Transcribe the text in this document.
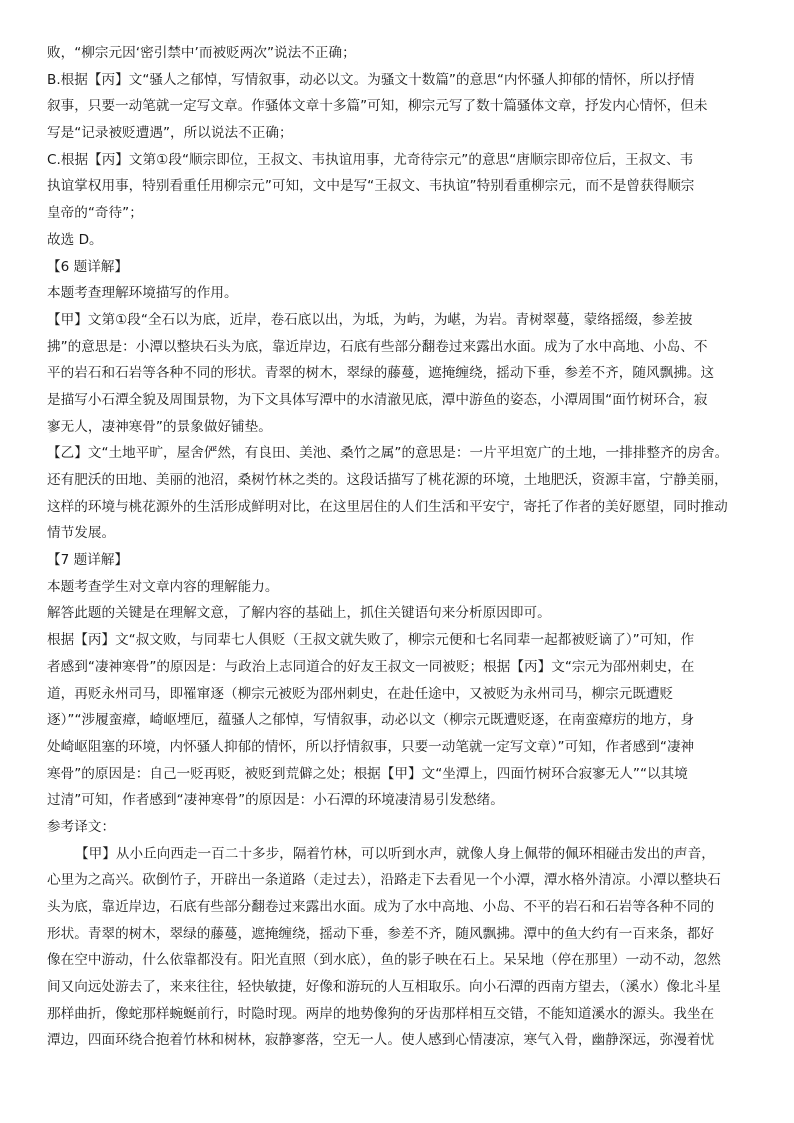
败，“柳宗元因‘密引禁中’而被贬两次”说法不正确；
B.根据【丙】文“骚人之郁悼，写情叙事，动必以文。为骚文十数篇”的意思“内怀骚人抑郁的情怀，所以抒情
叙事，只要一动笔就一定写文章。作骚体文章十多篇”可知，柳宗元写了数十篇骚体文章，抒发内心情怀，但未
写是“记录被贬遭遇”，所以说法不正确；
C.根据【丙】文第①段“顺宗即位，王叔文、韦执谊用事，尤奇待宗元”的意思“唐顺宗即帝位后，王叔文、韦
执谊掌权用事，特别看重任用柳宗元”可知，文中是写“王叔文、韦执谊”特别看重柳宗元，而不是曾获得顺宗
皇帝的“奇待”；
故选 D。
【6 题详解】
本题考查理解环境描写的作用。
【甲】文第①段“全石以为底，近岸，卷石底以出，为坻，为屿，为嵁，为岩。青树翠蔓，蒙络摇缀，参差披
拂”的意思是：小潭以整块石头为底，靠近岸边，石底有些部分翻卷过来露出水面。成为了水中高地、小岛、不
平的岩石和石岩等各种不同的形状。青翠的树木，翠绿的藤蔓，遮掩缠绕，摇动下垂，参差不齐，随风飘拂。这
是描写小石潭全貌及周围景物，为下文具体写潭中的水清澈见底，潭中游鱼的姿态，小潭周围“面竹树环合，寂
寥无人，凄神寒骨”的景象做好铺垫。
【乙】文“土地平旷，屋舍俨然，有良田、美池、桑竹之属”的意思是：一片平坦宽广的土地，一排排整齐的房舍。
还有肥沃的田地、美丽的池沼，桑树竹林之类的。这段话描写了桃花源的环境，土地肥沃，资源丰富，宁静美丽，
这样的环境与桃花源外的生活形成鲜明对比，在这里居住的人们生活和平安宁，寄托了作者的美好愿望，同时推动
情节发展。
【7 题详解】
本题考查学生对文章内容的理解能力。
解答此题的关键是在理解文意，了解内容的基础上，抓住关键语句来分析原因即可。
根据【丙】文“叔文败，与同辈七人俱贬（王叔文就失败了，柳宗元便和七名同辈一起都被贬谪了）”可知，作
者感到“凄神寒骨”的原因是：与政治上志同道合的好友王叔文一同被贬；根据【丙】文“宗元为邵州刺史，在
道，再贬永州司马，即罹窜逐（柳宗元被贬为邵州刺史，在赴任途中，又被贬为永州司马，柳宗元既遭贬
逐）”“涉履蛮瘴，崎岖堙厄，蕴骚人之郁悼，写情叙事，动必以文（柳宗元既遭贬逐，在南蛮瘴疠的地方，身
处崎岖阻塞的环境，内怀骚人抑郁的情怀，所以抒情叙事，只要一动笔就一定写文章）”可知，作者感到“凄神
寒骨”的原因是：自己一贬再贬，被贬到荒僻之处；根据【甲】文“坐潭上，四面竹树环合寂寥无人”“以其境
过清”可知，作者感到“凄神寒骨”的原因是：小石潭的环境凄清易引发愁绪。
参考译文：
【甲】从小丘向西走一百二十多步，隔着竹林，可以听到水声，就像人身上佩带的佩环相碰击发出的声音，
心里为之高兴。砍倒竹子，开辟出一条道路（走过去），沿路走下去看见一个小潭，潭水格外清凉。小潭以整块石
头为底，靠近岸边，石底有些部分翻卷过来露出水面。成为了水中高地、小岛、不平的岩石和石岩等各种不同的
形状。青翠的树木，翠绿的藤蔓，遮掩缠绕，摇动下垂，参差不齐，随风飘拂。潭中的鱼大约有一百来条，都好
像在空中游动，什么依靠都没有。阳光直照（到水底），鱼的影子映在石上。呆呆地（停在那里）一动不动，忽然
间又向远处游去了，来来往往，轻快敏捷，好像和游玩的人互相取乐。向小石潭的西南方望去，（溪水）像北斗星
那样曲折，像蛇那样蜿蜒前行，时隐时现。两岸的地势像狗的牙齿那样相互交错，不能知道溪水的源头。我坐在
潭边，四面环绕合抱着竹林和树林，寂静寥落，空无一人。使人感到心情凄凉，寒气入骨，幽静深远，弥漫着忧
